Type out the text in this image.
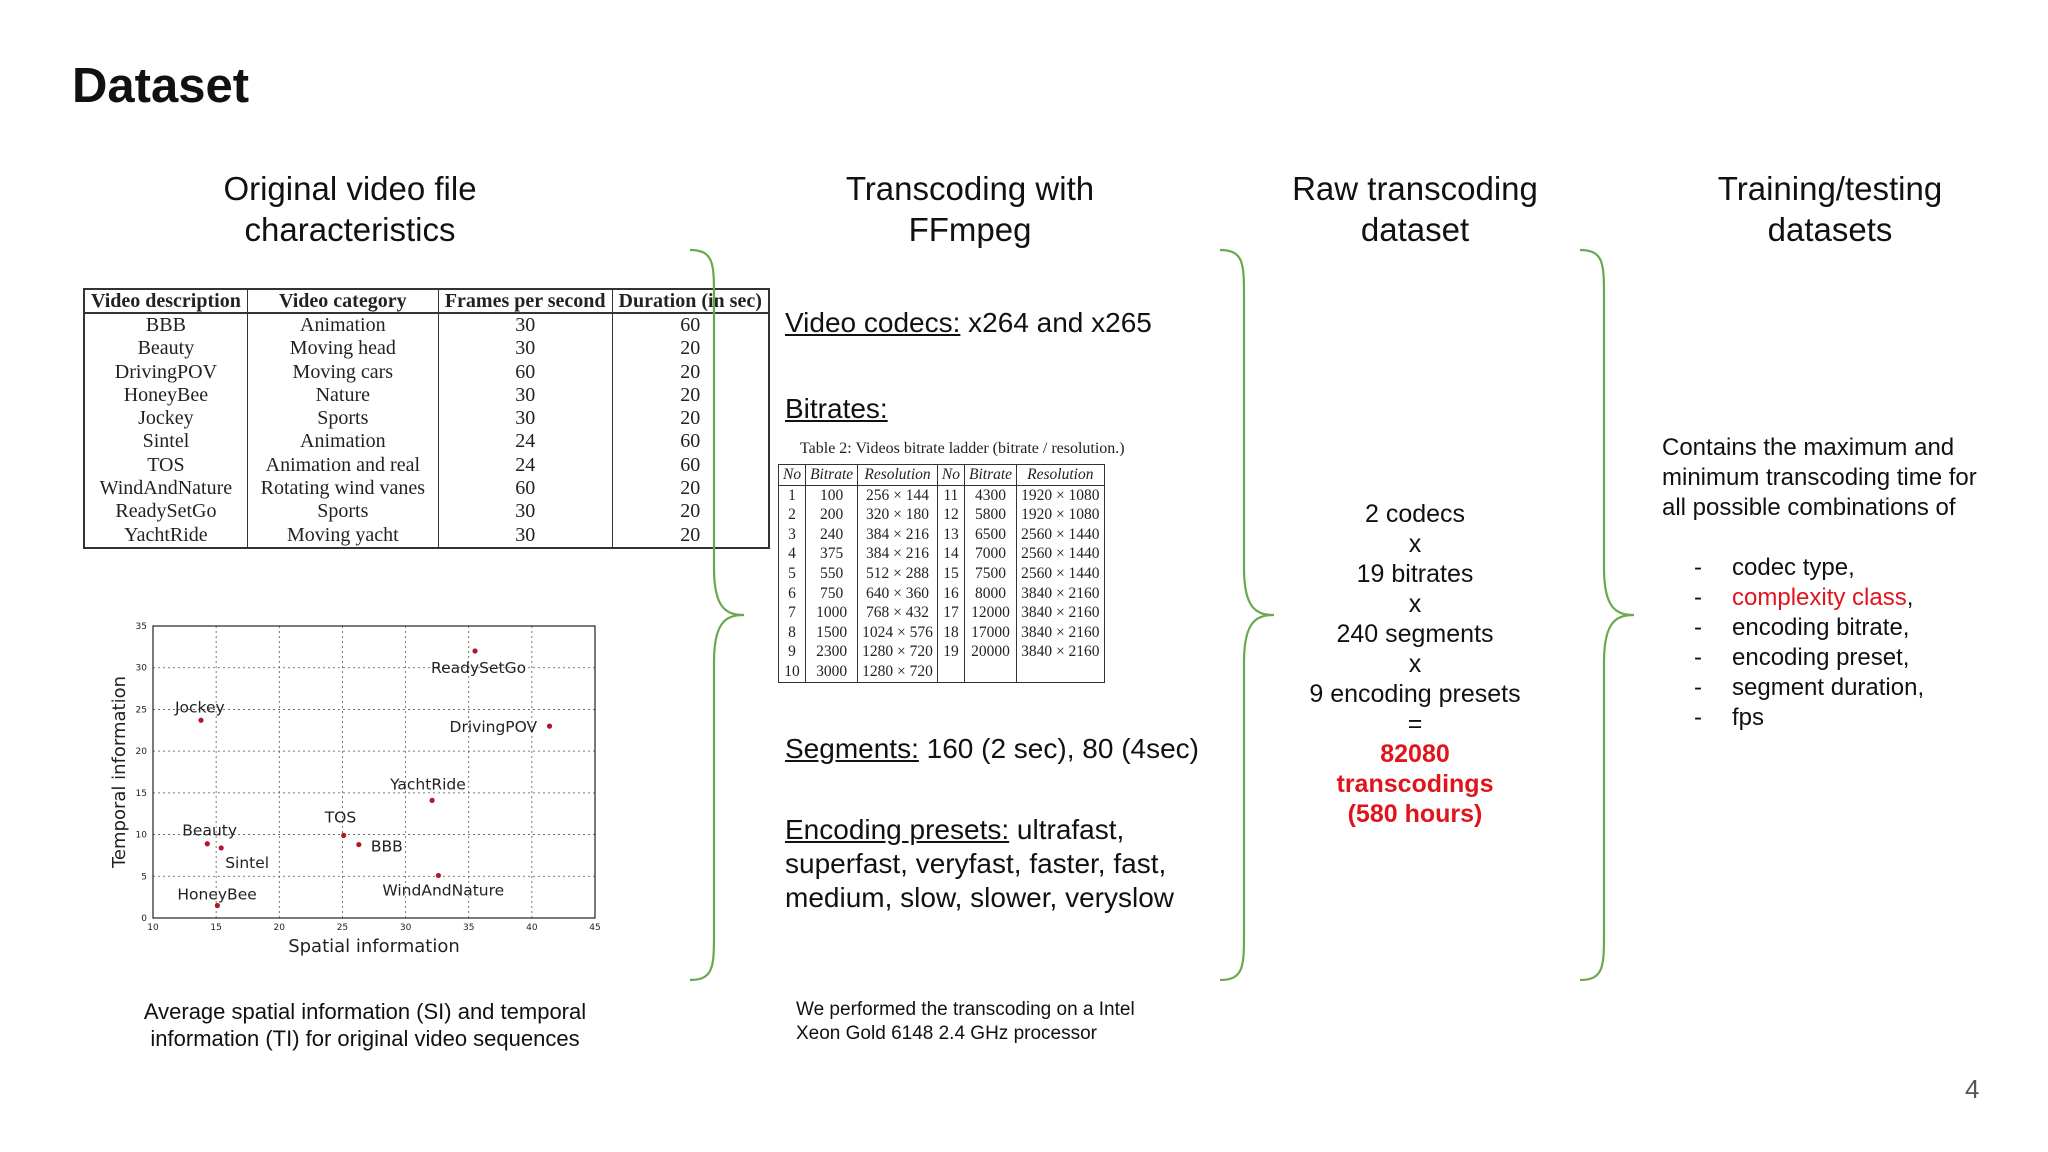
Dataset
Original video file
characteristics
Transcoding with
FFmpeg
Raw transcoding
dataset
Training/testing
datasets
Video description	Video category	Frames per second	Duration (in sec)
BBB	Animation	30	60
Beauty	Moving head	30	20
DrivingPOV	Moving cars	60	20
HoneyBee	Nature	30	20
Jockey	Sports	30	20
Sintel	Animation	24	60
TOS	Animation and real	24	60
WindAndNature	Rotating wind vanes	60	20
ReadySetGo	Sports	30	20
YachtRide	Moving yacht	30	20
10	15	20	25	30	35	40	45
0
5
10
15
20
25
30
35
Spatial information
Temporal information
ReadySetGo
Jockey
DrivingPOV
YachtRide
TOS
Beauty
BBB
Sintel
WindAndNature
HoneyBee
Average spatial information (SI) and temporal
information (TI) for original video sequences
Video codecs: x264 and x265
Bitrates:
Table 2: Videos bitrate ladder (bitrate / resolution.)
No	Bitrate	Resolution	No	Bitrate	Resolution
1	100	256 × 144	11	4300	1920 × 1080
2	200	320 × 180	12	5800	1920 × 1080
3	240	384 × 216	13	6500	2560 × 1440
4	375	384 × 216	14	7000	2560 × 1440
5	550	512 × 288	15	7500	2560 × 1440
6	750	640 × 360	16	8000	3840 × 2160
7	1000	768 × 432	17	12000	3840 × 2160
8	1500	1024 × 576	18	17000	3840 × 2160
9	2300	1280 × 720	19	20000	3840 × 2160
10	3000	1280 × 720			
Segments: 160 (2 sec), 80 (4sec)
Encoding presets: ultrafast,
superfast, veryfast, faster, fast,
medium, slow, slower, veryslow
We performed the transcoding on a Intel
Xeon Gold 6148 2.4 GHz processor
2 codecs
x
19 bitrates
x
240 segments
x
9 encoding presets
=
82080
transcodings
(580 hours)
Contains the maximum and
minimum transcoding time for
all possible combinations of
- codec type,
- complexity class,
- encoding bitrate,
- encoding preset,
- segment duration,
- fps
4
